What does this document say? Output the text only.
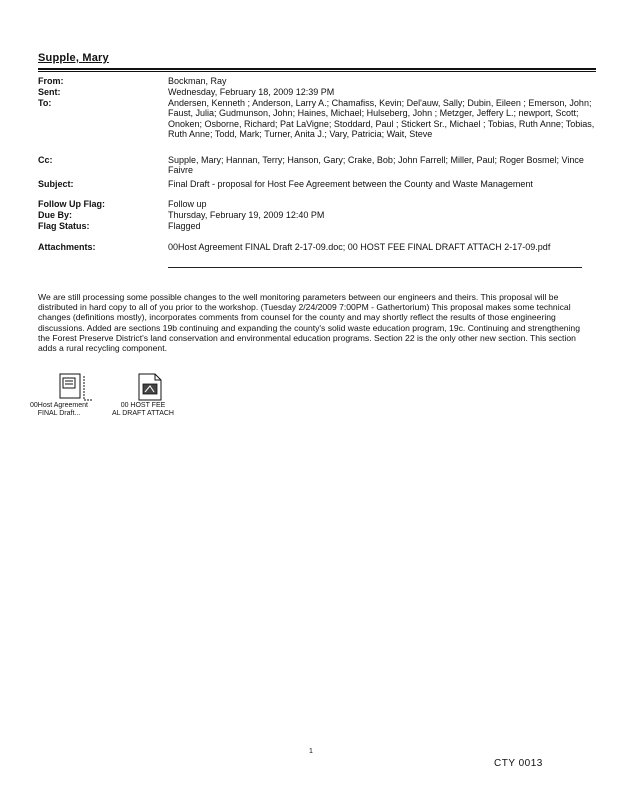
Supple, Mary
From:	Bockman, Ray
Sent:	Wednesday, February 18, 2009 12:39 PM
To:	Andersen, Kenneth ; Anderson, Larry A.; Chamafiss, Kevin; Del'auw, Sally; Dubin, Eileen ; Emerson, John; Faust, Julia; Gudmunson, John; Haines, Michael; Hulseberg, John ; Metzger, Jeffery L.; newport, Scott; Onoken; Osborne, Richard; Pat LaVigne; Stoddard, Paul ; Stickert Sr., Michael ; Tobias, Ruth Anne; Tobias, Ruth Anne; Todd, Mark; Turner, Anita J.; Vary, Patricia; Wait, Steve
Cc:	Supple, Mary; Hannan, Terry; Hanson, Gary; Crake, Bob; John Farrell; Miller, Paul; Roger Bosmel; Vince Faivre
Subject:	Final Draft - proposal for Host Fee Agreement between the County and Waste Management
Follow Up Flag:	Follow up
Due By:	Thursday, February 19, 2009 12:40 PM
Flag Status:	Flagged
Attachments:	00Host Agreement FINAL Draft 2-17-09.doc; 00 HOST FEE FINAL DRAFT ATTACH 2-17-09.pdf
We are still processing some possible changes to the well monitoring parameters between our engineers and theirs. This proposal will be distributed in hard copy to all of you prior to the workshop. (Tuesday 2/24/2009 7:00PM - Gathertorium) This proposal makes some technical changes (definitions mostly), incorporates comments from counsel for the county and may shortly reflect the results of those engineering discussions. Added are sections 19b continuing and expanding the county's solid waste education program, 19c. Continuing and strengthening the Forest Preserve District's land conservation and environmental education programs. Section 22 is the only other new section. This section adds a rural recycling component.
00Host Agreement
FINAL Draft...
00 HOST FEE
AL DRAFT ATTACH
1
CTY 0013
